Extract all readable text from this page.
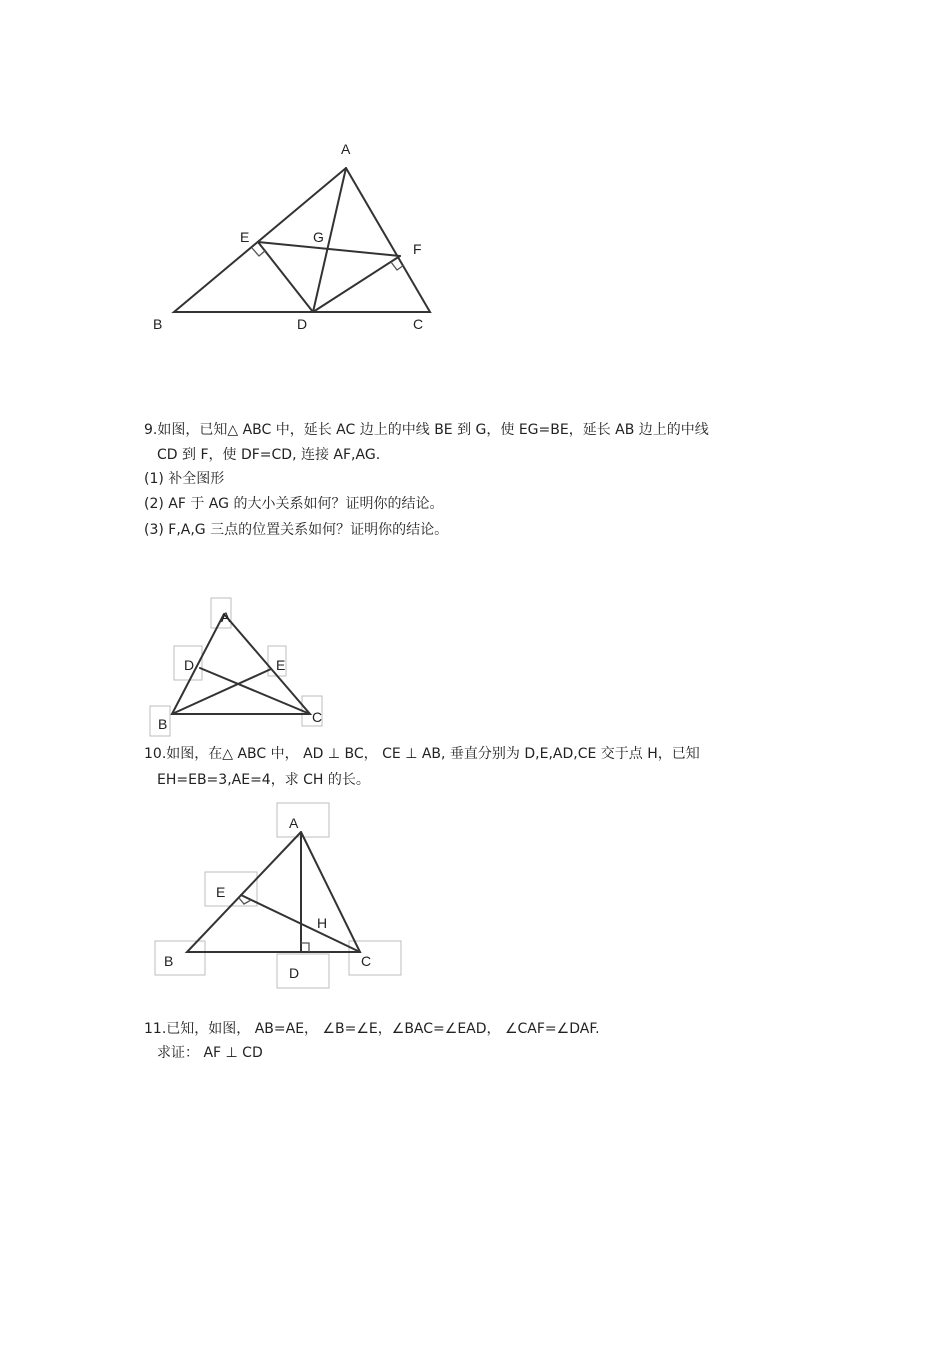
A
E	G
F
B	D	C
9.如图，已知△ ABC 中，延长 AC 边上的中线 BE 到 G，使 EG=BE，延长 AB 边上的中线
CD 到 F，使 DF=CD, 连接 AF,AG.
(1) 补全图形
(2) AF 于 AG 的大小关系如何？证明你的结论。
(3) F,A,G 三点的位置关系如何？证明你的结论。
A
D	E
C
B
10.如图，在△ ABC 中， AD ⊥ BC， CE ⊥ AB, 垂直分别为 D,E,AD,CE 交于点 H，已知
EH=EB=3,AE=4，求 CH 的长。
A
E
H
B
D
C
11.已知，如图， AB=AE， ∠B=∠E，∠BAC=∠EAD， ∠CAF=∠DAF.
求证： AF ⊥ CD
